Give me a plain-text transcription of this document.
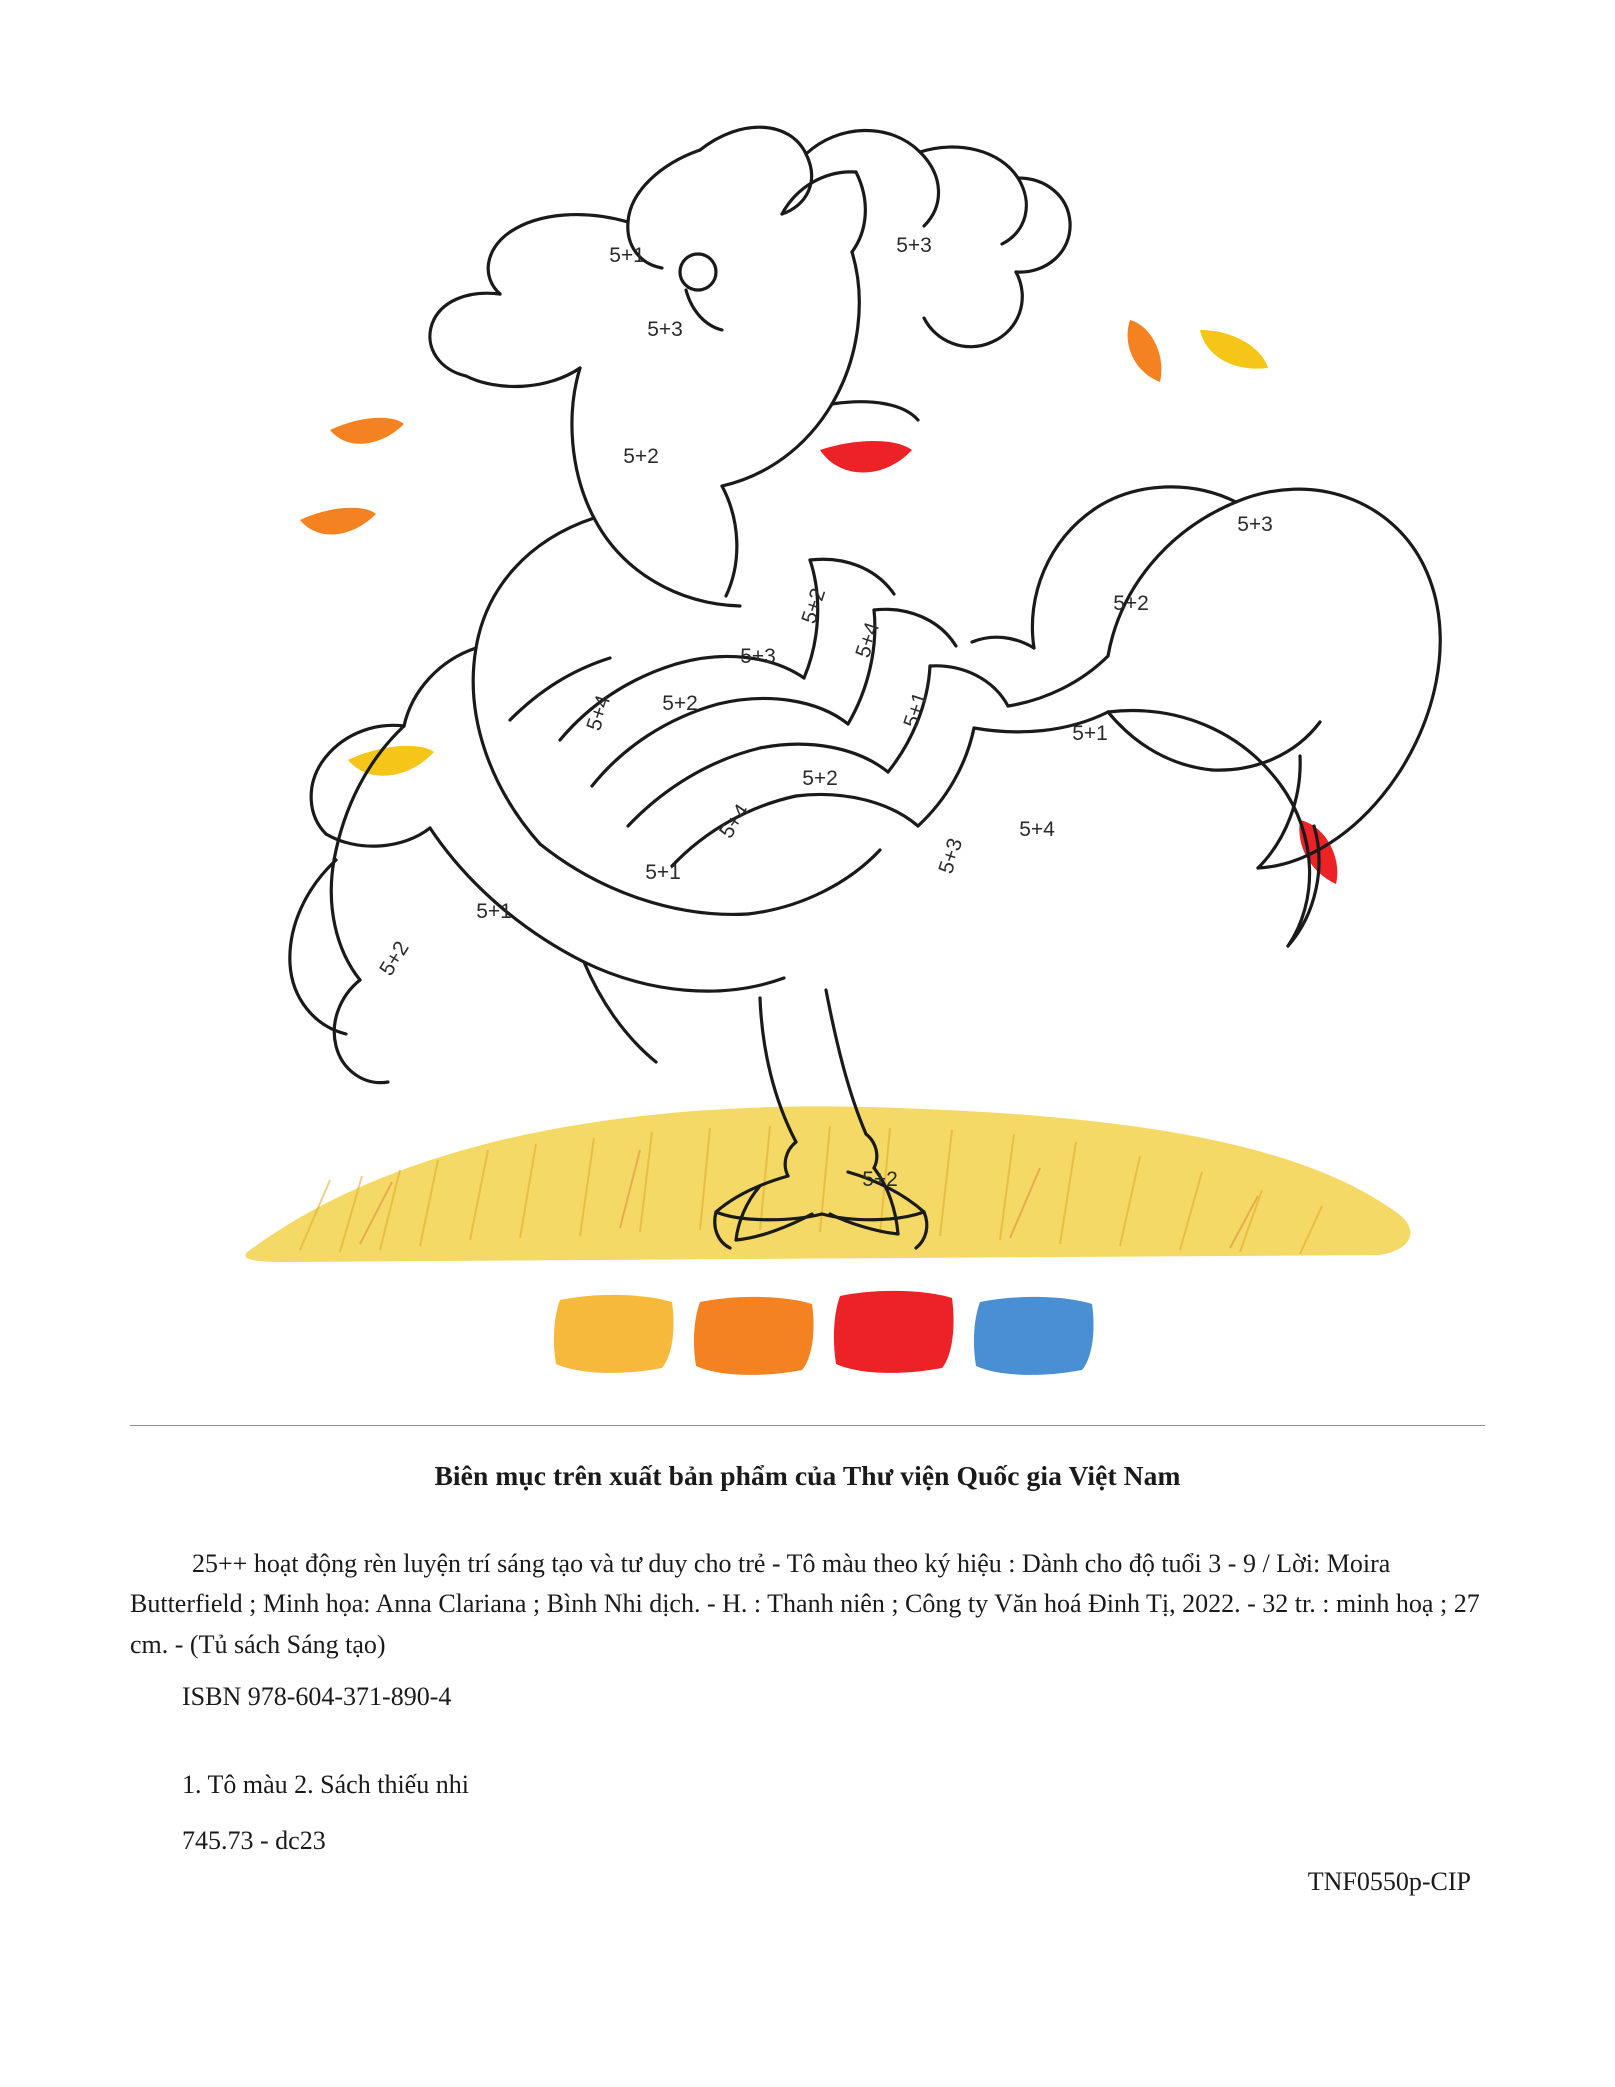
5+1	5+3
5+3
5+2
5+3
5+2
5+2
5+4
5+1
5+3
5+2
5+4
5+2
5+4
5+1	5+3
5+1
5+4
5+1
5+2
5+2
Biên mục trên xuất bản phẩm của Thư viện Quốc gia Việt Nam

25++ hoạt động rèn luyện trí sáng tạo và tư duy cho trẻ - Tô màu theo ký hiệu : Dành cho độ tuổi 3 - 9 / Lời: Moira Butterfield ; Minh họa: Anna Clariana ; Bình Nhi dịch. - H. : Thanh niên ; Công ty Văn hoá Đinh Tị, 2022. - 32 tr. : minh hoạ ; 27 cm. - (Tủ sách Sáng tạo)

ISBN 978-604-371-890-4

1. Tô màu 2. Sách thiếu nhi

745.73 - dc23

TNF0550p-CIP
